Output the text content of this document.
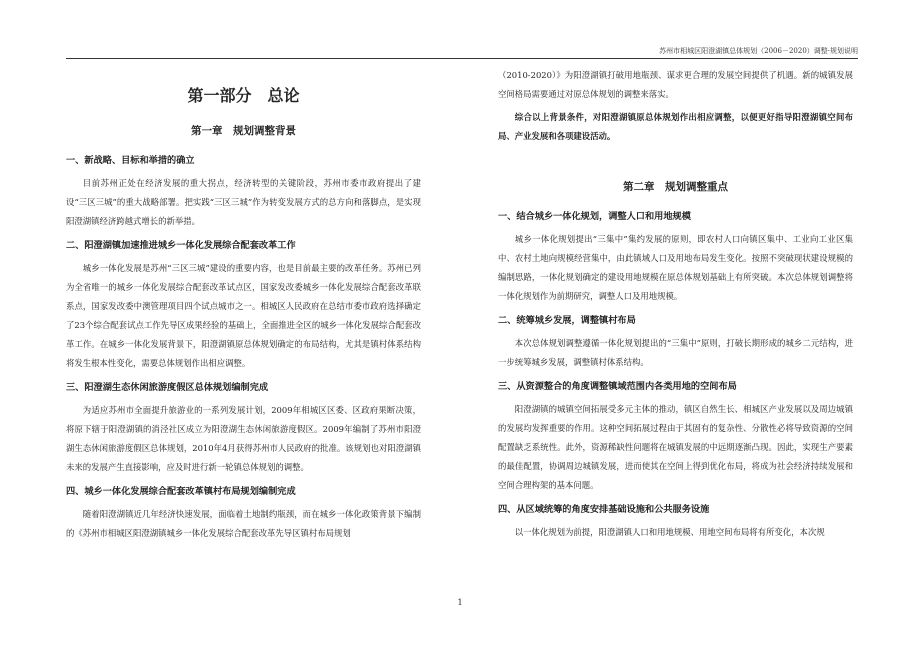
苏州市相城区阳澄湖镇总体规划（2006－2020）调整·规划说明
第一部分　总论
第一章　规划调整背景
一、新战略、目标和举措的确立
目前苏州正处在经济发展的重大拐点，经济转型的关键阶段，苏州市委市政府提出了建设“三区三城”的重大战略部署。把实践“三区三城”作为转变发展方式的总方向和落脚点，是实现阳澄湖镇经济跨越式增长的新举措。
二、阳澄湖镇加速推进城乡一体化发展综合配套改革工作
城乡一体化发展是苏州“三区三城”建设的重要内容，也是目前最主要的改革任务。苏州已列为全省唯一的城乡一体化发展综合配套改革试点区，国家发改委城乡一体化发展综合配套改革联系点，国家发改委中澳管理项目四个试点城市之一。相城区人民政府在总结市委市政府选择确定了23个综合配套试点工作先导区成果经验的基础上，全面推进全区的城乡一体化发展综合配套改革工作。在城乡一体化发展背景下，阳澄湖镇原总体规划确定的布局结构，尤其是镇村体系结构将发生根本性变化，需要总体规划作出相应调整。
三、阳澄湖生态休闲旅游度假区总体规划编制完成
为适应苏州市全面提升旅游业的一系列发展计划，2009年相城区区委、区政府果断决策，将原下辖于阳澄湖镇的消泾社区成立为阳澄湖生态休闲旅游度假区。2009年编制了苏州市阳澄湖生态休闲旅游度假区总体规划，2010年4月获得苏州市人民政府的批准。该规划也对阳澄湖镇未来的发展产生直接影响，应及时进行新一轮镇总体规划的调整。
四、城乡一体化发展综合配套改革镇村布局规划编制完成
随着阳澄湖镇近几年经济快速发展，面临着土地制约瓶颈，而在城乡一体化政策背景下编制的《苏州市相城区阳澄湖镇城乡一体化发展综合配套改革先导区镇村布局规划
（2010-2020）》为阳澄湖镇打破用地瓶颈、谋求更合理的发展空间提供了机遇。新的城镇发展空间格局需要通过对原总体规划的调整来落实。
综合以上背景条件，对阳澄湖镇原总体规划作出相应调整，以便更好指导阳澄湖镇空间布局、产业发展和各项建设活动。
第二章　规划调整重点
一、结合城乡一体化规划，调整人口和用地规模
城乡一体化规划提出“三集中”集约发展的原则，即农村人口向镇区集中、工业向工业区集中、农村土地向规模经营集中，由此镇域人口及用地布局发生变化。按照不突破现状建设规模的编制思路，一体化规划确定的建设用地规模在原总体规划基础上有所突破。本次总体规划调整将一体化规划作为前期研究，调整人口及用地规模。
二、统筹城乡发展，调整镇村布局
本次总体规划调整遵循一体化规划提出的“三集中”原则，打破长期形成的城乡二元结构，进一步统筹城乡发展，调整镇村体系结构。
三、从资源整合的角度调整镇域范围内各类用地的空间布局
阳澄湖镇的城镇空间拓展受多元主体的推动，镇区自然生长、相城区产业发展以及周边城镇的发展均发挥重要的作用。这种空间拓展过程由于其固有的复杂性、分散性必将导致资源的空间配置缺乏系统性。此外，资源稀缺性问题将在城镇发展的中远期逐渐凸现。因此，实现生产要素的最佳配置，协调周边城镇发展，进而使其在空间上得到优化布局，将成为社会经济持续发展和空间合理构架的基本问题。
四、从区域统筹的角度安排基础设施和公共服务设施
以一体化规划为前提，阳澄湖镇人口和用地规模、用地空间布局将有所变化，本次规
1
